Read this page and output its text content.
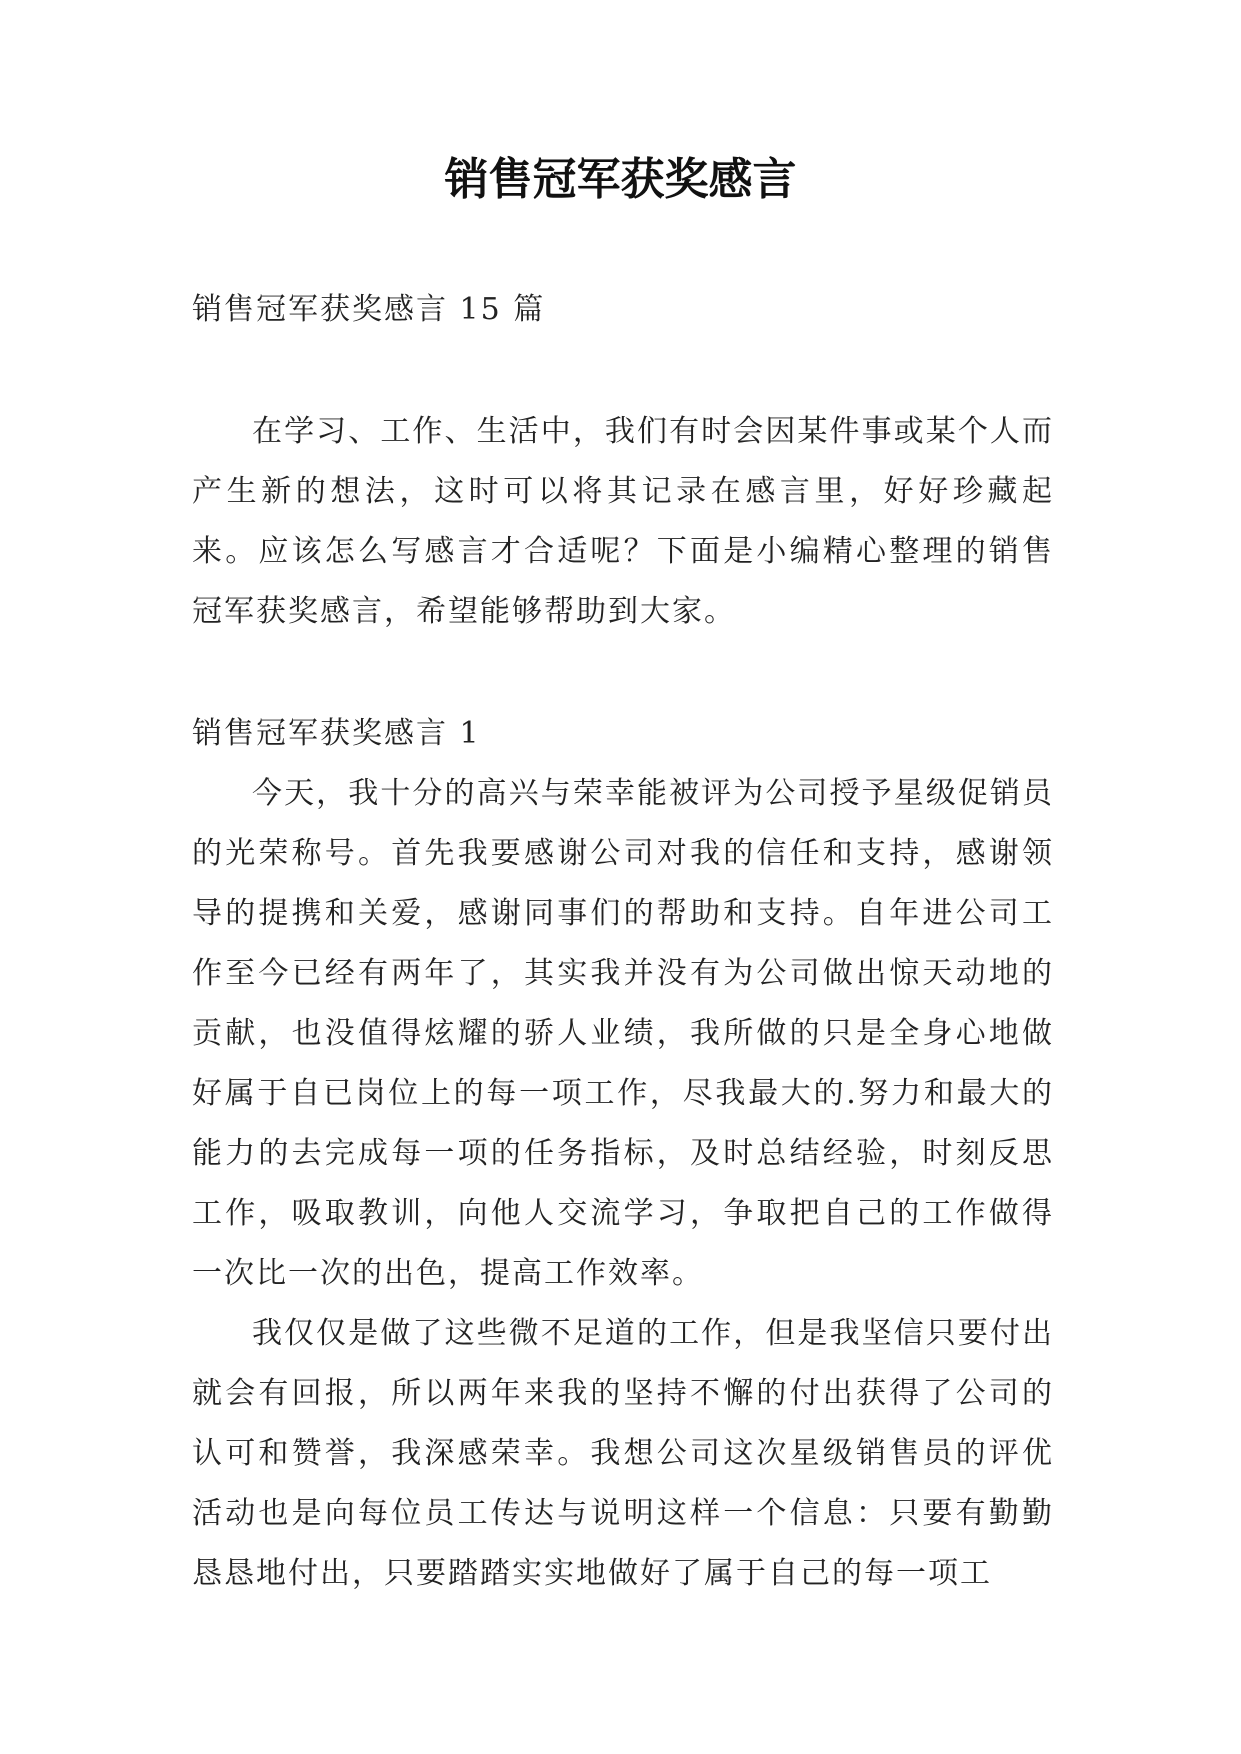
销售冠军获奖感言

销售冠军获奖感言 15 篇

在学习、工作、生活中，我们有时会因某件事或某个人而产生新的想法，这时可以将其记录在感言里，好好珍藏起来。应该怎么写感言才合适呢？下面是小编精心整理的销售冠军获奖感言，希望能够帮助到大家。

销售冠军获奖感言 1

今天，我十分的高兴与荣幸能被评为公司授予星级促销员的光荣称号。首先我要感谢公司对我的信任和支持，感谢领导的提携和关爱，感谢同事们的帮助和支持。自年进公司工作至今已经有两年了，其实我并没有为公司做出惊天动地的贡献，也没值得炫耀的骄人业绩，我所做的只是全身心地做好属于自已岗位上的每一项工作，尽我最大的.努力和最大的能力的去完成每一项的任务指标，及时总结经验，时刻反思工作，吸取教训，向他人交流学习，争取把自己的工作做得一次比一次的出色，提高工作效率。

我仅仅是做了这些微不足道的工作，但是我坚信只要付出就会有回报，所以两年来我的坚持不懈的付出获得了公司的认可和赞誉，我深感荣幸。我想公司这次星级销售员的评优活动也是向每位员工传达与说明这样一个信息：只要有勤勤恳恳地付出，只要踏踏实实地做好了属于自己的每一项工
